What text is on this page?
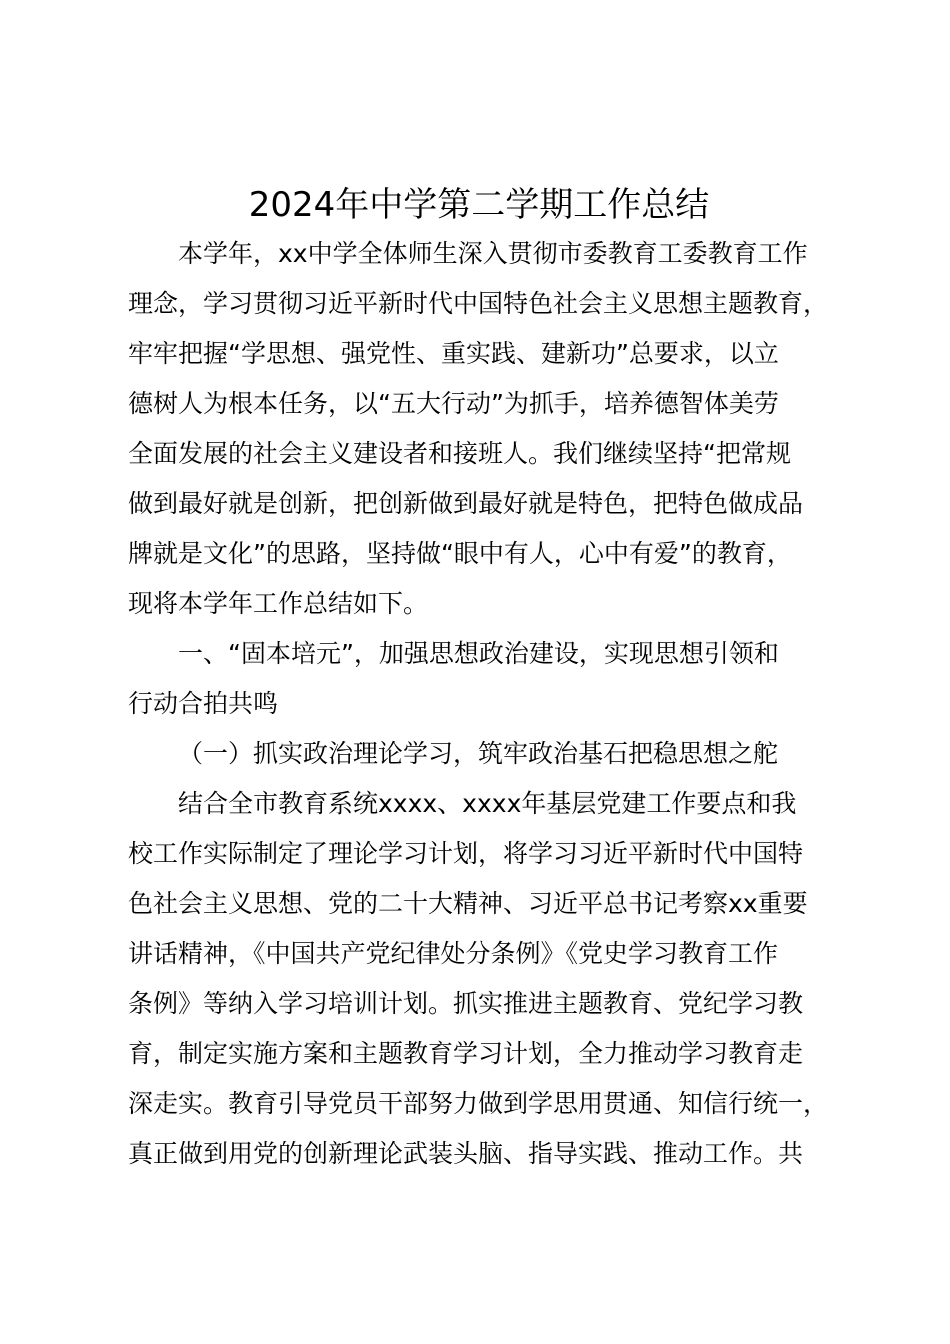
2024年中学第二学期工作总结
本学年，xx中学全体师生深入贯彻市委教育工委教育工作
理念，学习贯彻习近平新时代中国特色社会主义思想主题教育，
牢牢把握“学思想、强党性、重实践、建新功”总要求，以立
德树人为根本任务，以“五大行动”为抓手，培养德智体美劳
全面发展的社会主义建设者和接班人。我们继续坚持“把常规
做到最好就是创新，把创新做到最好就是特色，把特色做成品
牌就是文化”的思路，坚持做“眼中有人，心中有爱”的教育，
现将本学年工作总结如下。
一、“固本培元”，加强思想政治建设，实现思想引领和
行动合拍共鸣
（一）抓实政治理论学习，筑牢政治基石把稳思想之舵
结合全市教育系统xxxx、xxxx年基层党建工作要点和我
校工作实际制定了理论学习计划，将学习习近平新时代中国特
色社会主义思想、党的二十大精神、习近平总书记考察xx重要
讲话精神，《中国共产党纪律处分条例》《党史学习教育工作
条例》等纳入学习培训计划。抓实推进主题教育、党纪学习教
育，制定实施方案和主题教育学习计划，全力推动学习教育走
深走实。教育引导党员干部努力做到学思用贯通、知信行统一，
真正做到用党的创新理论武装头脑、指导实践、推动工作。共
